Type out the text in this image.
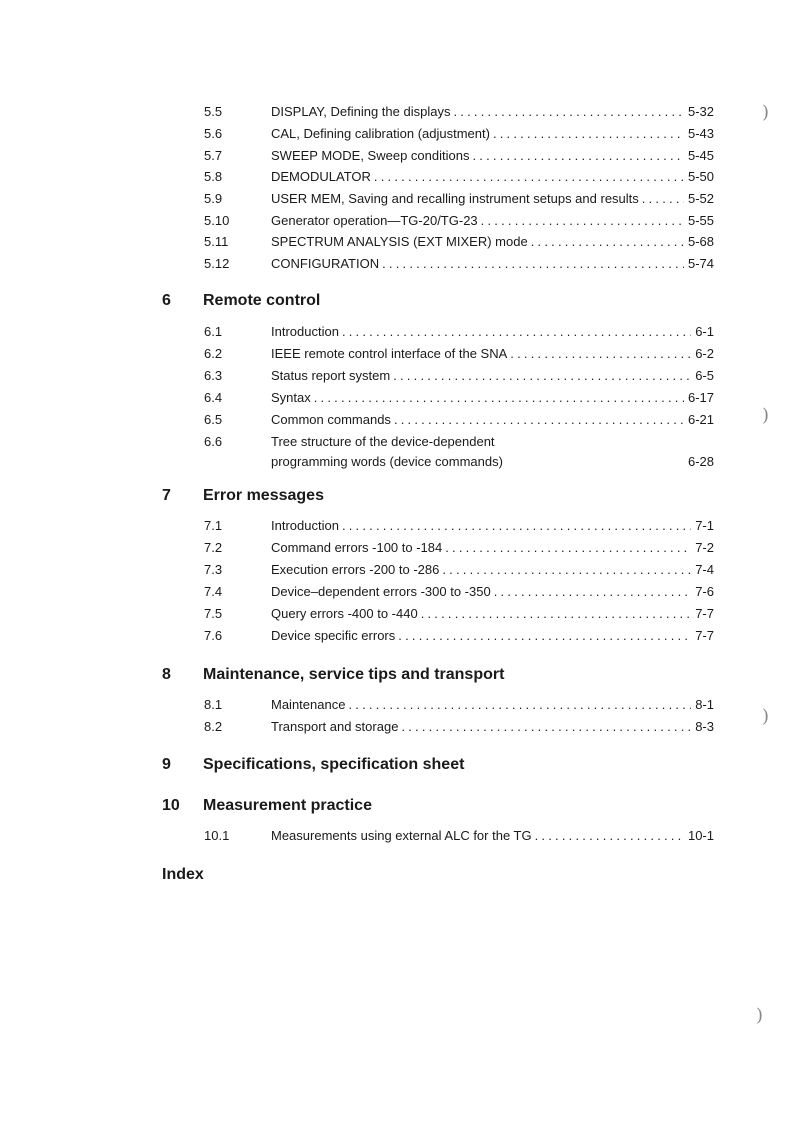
5.5	DISPLAY, Defining the displays .....	5-32
5.6	CAL, Defining calibration (adjustment) .....	5-43
5.7	SWEEP MODE, Sweep conditions .....	5-45
5.8	DEMODULATOR .....	5-50
5.9	USER MEM, Saving and recalling instrument setups and results .....	5-52
5.10	Generator operation—TG-20/TG-23 .....	5-55
5.11	SPECTRUM ANALYSIS (EXT MIXER) mode .....	5-68
5.12	CONFIGURATION .....	5-74
6	Remote control
6.1	Introduction .....	6-1
6.2	IEEE remote control interface of the SNA .....	6-2
6.3	Status report system .....	6-5
6.4	Syntax .....	6-17
6.5	Common commands .....	6-21
6.6	Tree structure of the device-dependent
programming words (device commands)	6-28
7	Error messages
7.1	Introduction .....	7-1
7.2	Command errors -100 to -184 .....	7-2
7.3	Execution errors -200 to -286 .....	7-4
7.4	Device–dependent errors -300 to -350 .....	7-6
7.5	Query errors -400 to -440 .....	7-7
7.6	Device specific errors .....	7-7
8	Maintenance, service tips and transport
8.1	Maintenance .....	8-1
8.2	Transport and storage .....	8-3
9	Specifications, specification sheet
10	Measurement practice
10.1	Measurements using external ALC for the TG .....	10-1
Index
)
)
)
)
